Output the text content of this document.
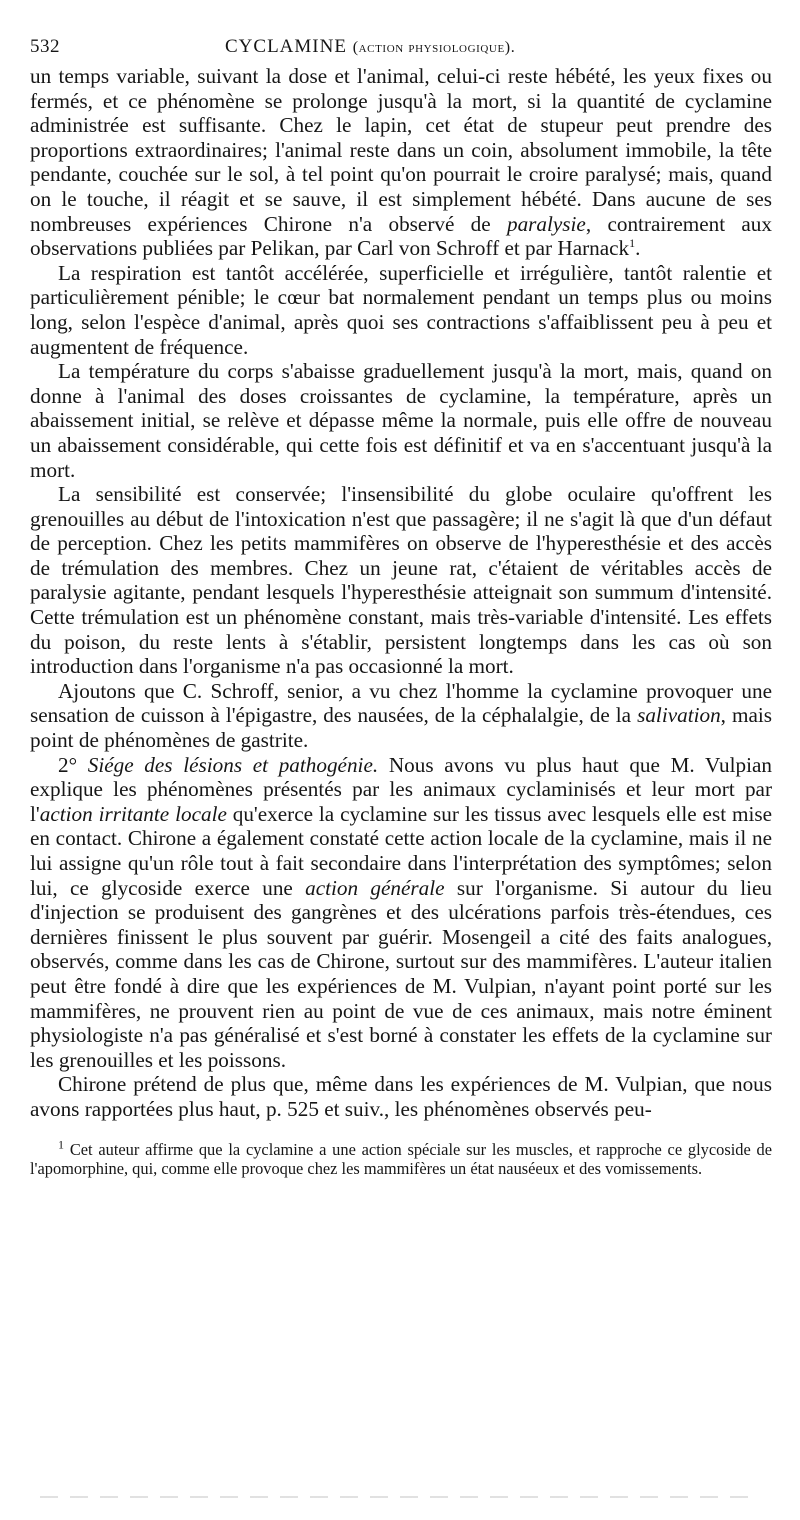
532	CYCLAMINE (action physiologique).

un temps variable, suivant la dose et l'animal, celui-ci reste hébété, les yeux fixes ou fermés, et ce phénomène se prolonge jusqu'à la mort, si la quantité de cyclamine administrée est suffisante. Chez le lapin, cet état de stupeur peut prendre des proportions extraordinaires; l'animal reste dans un coin, absolument immobile, la tête pendante, couchée sur le sol, à tel point qu'on pourrait le croire paralysé; mais, quand on le touche, il réagit et se sauve, il est simplement hébété. Dans aucune de ses nombreuses expériences Chirone n'a observé de paralysie, contrairement aux observations publiées par Pelikan, par Carl von Schroff et par Harnack$^1$.

La respiration est tantôt accélérée, superficielle et irrégulière, tantôt ralentie et particulièrement pénible; le cœur bat normalement pendant un temps plus ou moins long, selon l'espèce d'animal, après quoi ses contractions s'affaiblissent peu à peu et augmentent de fréquence.

La température du corps s'abaisse graduellement jusqu'à la mort, mais, quand on donne à l'animal des doses croissantes de cyclamine, la température, après un abaissement initial, se relève et dépasse même la normale, puis elle offre de nouveau un abaissement considérable, qui cette fois est définitif et va en s'accentuant jusqu'à la mort.

La sensibilité est conservée; l'insensibilité du globe oculaire qu'offrent les grenouilles au début de l'intoxication n'est que passagère; il ne s'agit là que d'un défaut de perception. Chez les petits mammifères on observe de l'hyperesthésie et des accès de trémulation des membres. Chez un jeune rat, c'étaient de véritables accès de paralysie agitante, pendant lesquels l'hyperesthésie atteignait son summum d'intensité. Cette trémulation est un phénomène constant, mais très-variable d'intensité. Les effets du poison, du reste lents à s'établir, persistent longtemps dans les cas où son introduction dans l'organisme n'a pas occasionné la mort.

Ajoutons que C. Schroff, senior, a vu chez l'homme la cyclamine provoquer une sensation de cuisson à l'épigastre, des nausées, de la céphalalgie, de la salivation, mais point de phénomènes de gastrite.

2° Siége des lésions et pathogénie. Nous avons vu plus haut que M. Vulpian explique les phénomènes présentés par les animaux cyclaminisés et leur mort par l'action irritante locale qu'exerce la cyclamine sur les tissus avec lesquels elle est mise en contact. Chirone a également constaté cette action locale de la cyclamine, mais il ne lui assigne qu'un rôle tout à fait secondaire dans l'interprétation des symptômes; selon lui, ce glycoside exerce une action générale sur l'organisme. Si autour du lieu d'injection se produisent des gangrènes et des ulcérations parfois très-étendues, ces dernières finissent le plus souvent par guérir. Mosengeil a cité des faits analogues, observés, comme dans les cas de Chirone, surtout sur des mammifères. L'auteur italien peut être fondé à dire que les expériences de M. Vulpian, n'ayant point porté sur les mammifères, ne prouvent rien au point de vue de ces animaux, mais notre éminent physiologiste n'a pas généralisé et s'est borné à constater les effets de la cyclamine sur les grenouilles et les poissons.

Chirone prétend de plus que, même dans les expériences de M. Vulpian, que nous avons rapportées plus haut, p. 525 et suiv., les phénomènes observés peu-

$^1$ Cet auteur affirme que la cyclamine a une action spéciale sur les muscles, et rapproche ce glycoside de l'apomorphine, qui, comme elle provoque chez les mammifères un état nauséeux et des vomissements.
